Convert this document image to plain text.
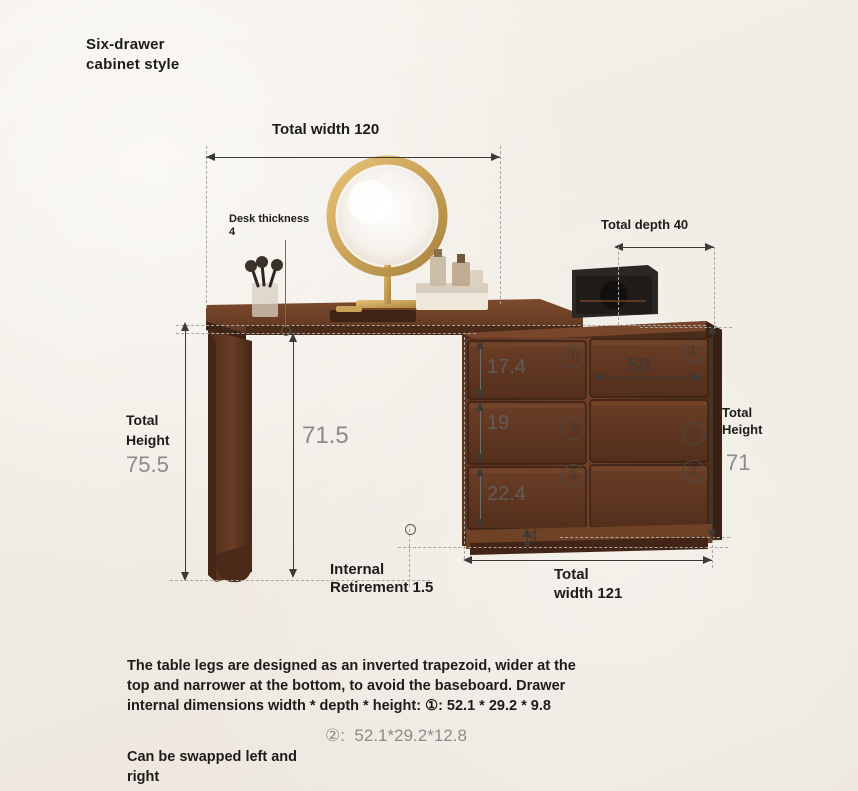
Total width 120
Desk thickness
4	Total depth 40
Total
Height
75.5
71.5
Total
Height
71
17.4
19
22.4
58
①	①
②	②
②	②
4
Internal
Retirement 1.5
Total
width 121
Six-drawer
cabinet style
The table legs are designed as an inverted trapezoid, wider at the
top and narrower at the bottom, to avoid the baseboard. Drawer
internal dimensions width * depth * height: ①: 52.1 * 29.2 * 9.8
②:  52.1*29.2*12.8
Can be swapped left and
right
